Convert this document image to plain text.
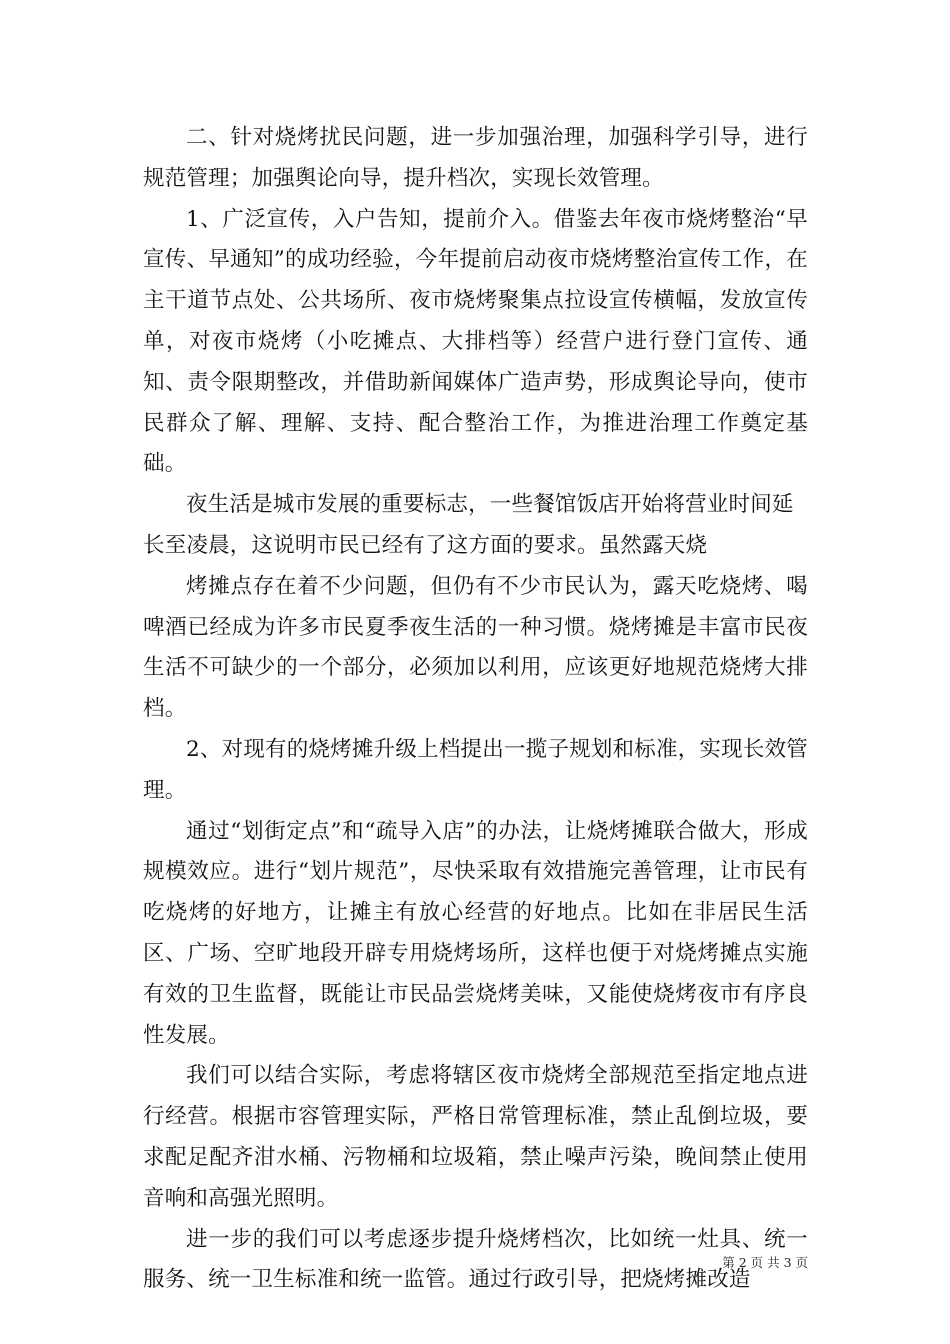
二、针对烧烤扰民问题，进一步加强治理，加强科学引导，进行规范管理；加强舆论向导，提升档次，实现长效管理。

1、广泛宣传，入户告知，提前介入。借鉴去年夜市烧烤整治“早宣传、早通知”的成功经验，今年提前启动夜市烧烤整治宣传工作，在主干道节点处、公共场所、夜市烧烤聚集点拉设宣传横幅，发放宣传单，对夜市烧烤（小吃摊点、大排档等）经营户进行登门宣传、通知、责令限期整改，并借助新闻媒体广造声势，形成舆论导向，使市民群众了解、理解、支持、配合整治工作，为推进治理工作奠定基础。

夜生活是城市发展的重要标志，一些餐馆饭店开始将营业时间延长至凌晨，这说明市民已经有了这方面的要求。虽然露天烧

烤摊点存在着不少问题，但仍有不少市民认为，露天吃烧烤、喝啤酒已经成为许多市民夏季夜生活的一种习惯。烧烤摊是丰富市民夜生活不可缺少的一个部分，必须加以利用，应该更好地规范烧烤大排档。

2、对现有的烧烤摊升级上档提出一揽子规划和标准，实现长效管理。

通过“划街定点”和“疏导入店”的办法，让烧烤摊联合做大，形成规模效应。进行“划片规范”，尽快采取有效措施完善管理，让市民有吃烧烤的好地方，让摊主有放心经营的好地点。比如在非居民生活区、广场、空旷地段开辟专用烧烤场所，这样也便于对烧烤摊点实施有效的卫生监督，既能让市民品尝烧烤美味，又能使烧烤夜市有序良性发展。

我们可以结合实际，考虑将辖区夜市烧烤全部规范至指定地点进行经营。根据市容管理实际，严格日常管理标准，禁止乱倒垃圾，要求配足配齐泔水桶、污物桶和垃圾箱，禁止噪声污染，晚间禁止使用音响和高强光照明。

进一步的我们可以考虑逐步提升烧烤档次，比如统一灶具、统一服务、统一卫生标准和统一监管。通过行政引导，把烧烤摊改造

第 2 页 共 3 页
